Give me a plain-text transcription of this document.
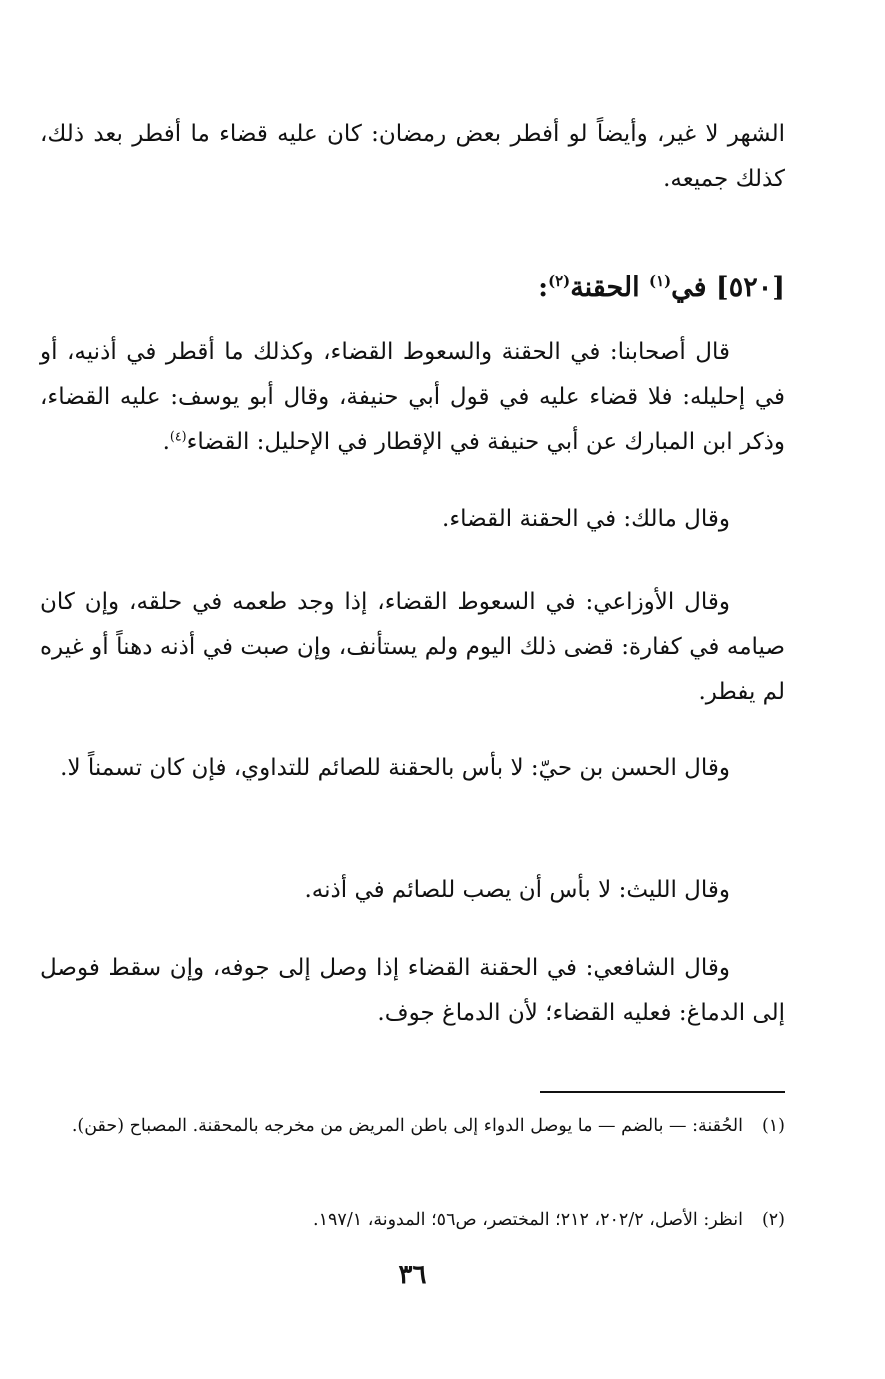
الشهر لا غير، وأيضاً لو أفطر بعض رمضان: كان عليه قضاء ما أفطر بعد ذلك، كذلك جميعه.

[٥٢٠] في$^{(١)}$ الحقنة$^{(٢)}$:

قال أصحابنا: في الحقنة والسعوط القضاء، وكذلك ما أقطر في أذنيه، أو في إحليله: فلا قضاء عليه في قول أبي حنيفة، وقال أبو يوسف: عليه القضاء، وذكر ابن المبارك عن أبي حنيفة في الإقطار في الإحليل: القضاء$^{(٤)}$.

وقال مالك: في الحقنة القضاء.

وقال الأوزاعي: في السعوط القضاء، إذا وجد طعمه في حلقه، وإن كان صيامه في كفارة: قضى ذلك اليوم ولم يستأنف، وإن صبت في أذنه دهناً أو غيره لم يفطر.

وقال الحسن بن حيّ: لا بأس بالحقنة للصائم للتداوي، فإن كان تسمناً لا.

وقال الليث: لا بأس أن يصب للصائم في أذنه.

وقال الشافعي: في الحقنة القضاء إذا وصل إلى جوفه، وإن سقط فوصل إلى الدماغ: فعليه القضاء؛ لأن الدماغ جوف.

(١)
الحُقنة: — بالضم — ما يوصل الدواء إلى باطن المريض من مخرجه بالمحقنة. المصباح (حقن).
(٢)
انظر: الأصل، ٢٠٢/٢، ٢١٢؛ المختصر، ص٥٦؛ المدونة، ١٩٧/١.
٣٦
